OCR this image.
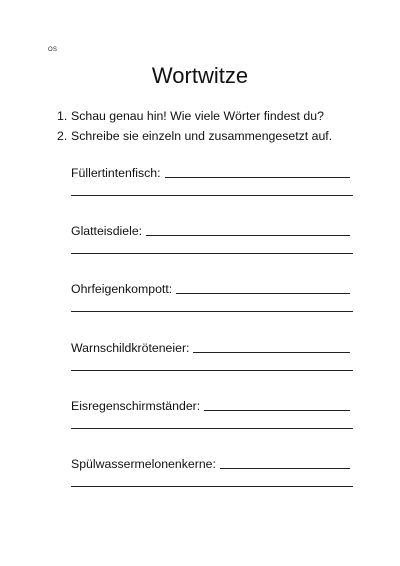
OS
Wortwitze
1. Schau genau hin! Wie viele Wörter findest du?
2. Schreibe sie einzeln und zusammengesetzt auf.
Füllertintenfisch:
Glatteisdiele:
Ohrfeigenkompott:
Warnschildkröteneier:
Eisregenschirmständer:
Spülwassermelonenkerne:
